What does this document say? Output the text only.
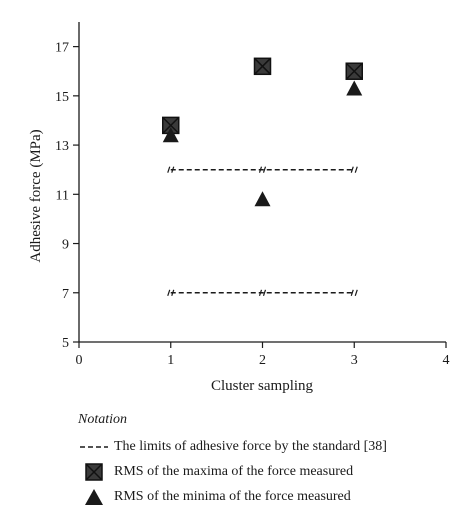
5
7
9
11
13
15
17
0	1	2	3	4
Cluster sampling
Adhesive force (MPa)
Notation
The limits of adhesive force by the standard [38]
RMS of the maxima of the force measured
RMS of the minima of the force measured
